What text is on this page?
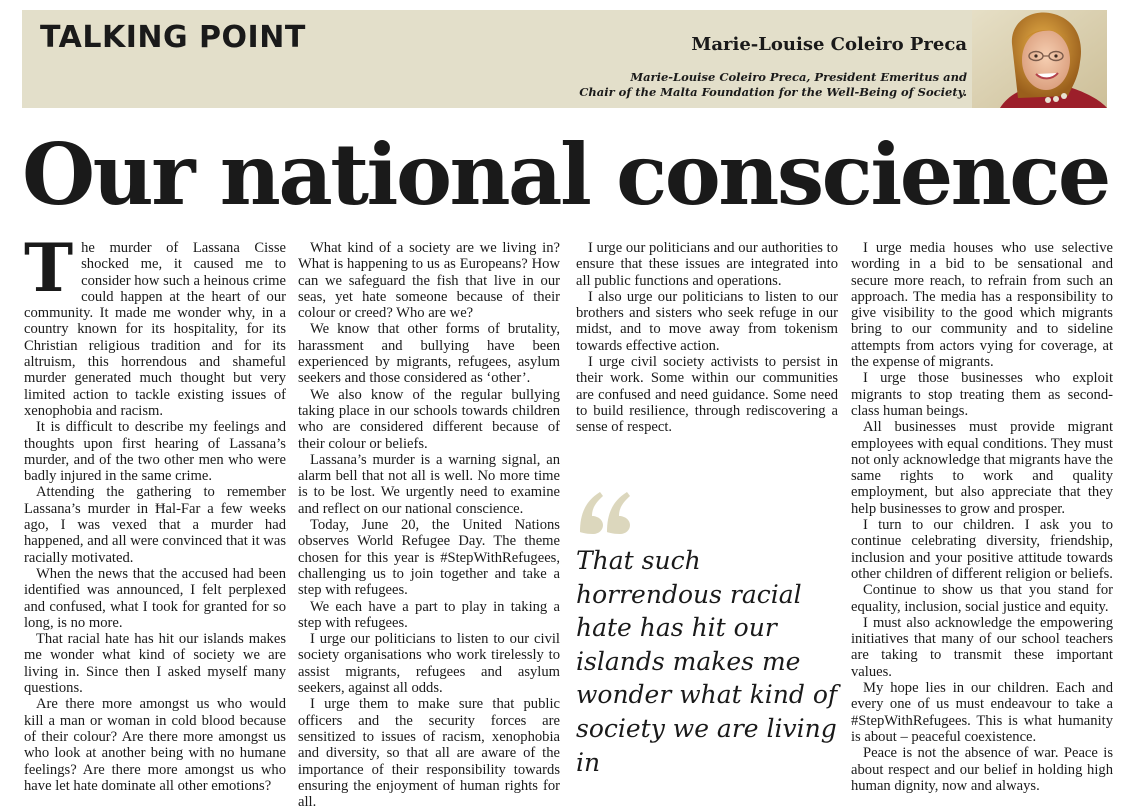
TALKING POINT	Marie-Louise Coleiro Preca
Marie-Louise Coleiro Preca, President Emeritus and
Chair of the Malta Foundation for the Well-Being of Society.
Our national conscience

The murder of Lassana Cisse shocked me, it caused me to consider how such a heinous crime could happen at the heart of our community. It made me wonder why, in a country known for its hospitality, for its Christian religious tradition and for its altruism, this horrendous and shameful murder generated much thought but very limited action to tackle existing issues of xenophobia and racism.

It is difficult to describe my feelings and thoughts upon first hearing of Lassana’s murder, and of the two other men who were badly injured in the same crime.

Attending the gathering to remember Lassana’s murder in Ħal-Far a few weeks ago, I was vexed that a murder had happened, and all were convinced that it was racially motivated.

When the news that the accused had been identified was announced, I felt perplexed and confused, what I took for granted for so long, is no more.

That racial hate has hit our islands makes me wonder what kind of society we are living in. Since then I asked myself many questions.

Are there more amongst us who would kill a man or woman in cold blood because of their colour? Are there more amongst us who look at another being with no humane feelings? Are there more amongst us who have let hate dominate all other emotions?

What kind of a society are we living in? What is happening to us as Europeans? How can we safeguard the fish that live in our seas, yet hate someone because of their colour or creed? Who are we?

We know that other forms of brutality, harassment and bullying have been experienced by migrants, refugees, asylum seekers and those considered as ‘other’.

We also know of the regular bullying taking place in our schools towards children who are considered different because of their colour or beliefs.

Lassana’s murder is a warning signal, an alarm bell that not all is well. No more time is to be lost. We urgently need to examine and reflect on our national conscience.

Today, June 20, the United Nations observes World Refugee Day. The theme chosen for this year is #StepWithRefugees, challenging us to join together and take a step with refugees.

We each have a part to play in taking a step with refugees.

I urge our politicians to listen to our civil society organisations who work tirelessly to assist migrants, refugees and asylum seekers, against all odds.

I urge them to make sure that public officers and the security forces are sensitized to issues of racism, xenophobia and diversity, so that all are aware of the importance of their responsibility towards ensuring the enjoyment of human rights for all.

I urge our politicians and our authorities to ensure that these issues are integrated into all public functions and operations.

I also urge our politicians to listen to our brothers and sisters who seek refuge in our midst, and to move away from tokenism towards effective action.

I urge civil society activists to persist in their work. Some within our communities are confused and need guidance. Some need to build resilience, through rediscovering a sense of respect.

That such horrendous racial hate has hit our islands makes me wonder what kind of society we are living in

I urge media houses who use selective wording in a bid to be sensational and secure more reach, to refrain from such an approach. The media has a responsibility to give visibility to the good which migrants bring to our community and to sideline attempts from actors vying for coverage, at the expense of migrants.

I urge those businesses who exploit migrants to stop treating them as second-class human beings.

All businesses must provide migrant employees with equal conditions. They must not only acknowledge that migrants have the same rights to work and quality employment, but also appreciate that they help businesses to grow and prosper.

I turn to our children. I ask you to continue celebrating diversity, friendship, inclusion and your positive attitude towards other children of different religion or beliefs.

Continue to show us that you stand for equality, inclusion, social justice and equity.

I must also acknowledge the empowering initiatives that many of our school teachers are taking to transmit these important values.

My hope lies in our children. Each and every one of us must endeavour to take a #StepWithRefugees. This is what humanity is about – peaceful coexistence.

Peace is not the absence of war. Peace is about respect and our belief in holding high human dignity, now and always.
